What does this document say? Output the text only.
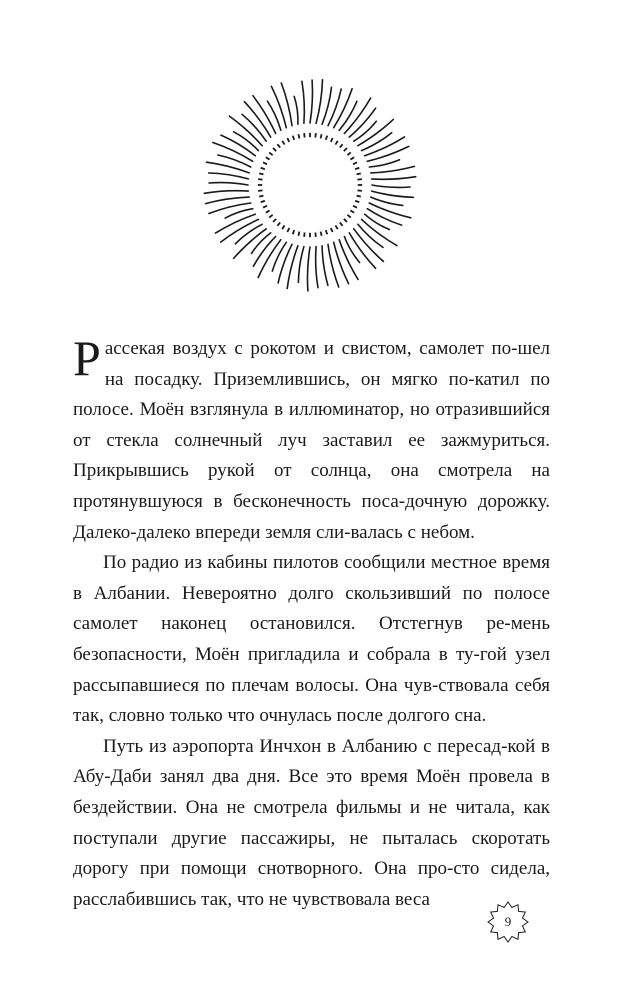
Рассекая воздух с рокотом и свистом, самолет по-шел на посадку. Приземлившись, он мягко по-катил по полосе. Моён взглянула в иллюминатор, но отразившийся от стекла солнечный луч заставил ее зажмуриться. Прикрывшись рукой от солнца, она смотрела на протянувшуюся в бесконечность поса-дочную дорожку. Далеко-далеко впереди земля сли-валась с небом.

По радио из кабины пилотов сообщили местное время в Албании. Невероятно долго скользивший по полосе самолет наконец остановился. Отстегнув ре-мень безопасности, Моён пригладила и собрала в ту-гой узел рассыпавшиеся по плечам волосы. Она чув-ствовала себя так, словно только что очнулась после долгого сна.

Путь из аэропорта Инчхон в Албанию с пересад-кой в Абу-Даби занял два дня. Все это время Моён провела в бездействии. Она не смотрела фильмы и не читала, как поступали другие пассажиры, не пыталась скоротать дорогу при помощи снотворного. Она про-сто сидела, расслабившись так, что не чувствовала веса

9
